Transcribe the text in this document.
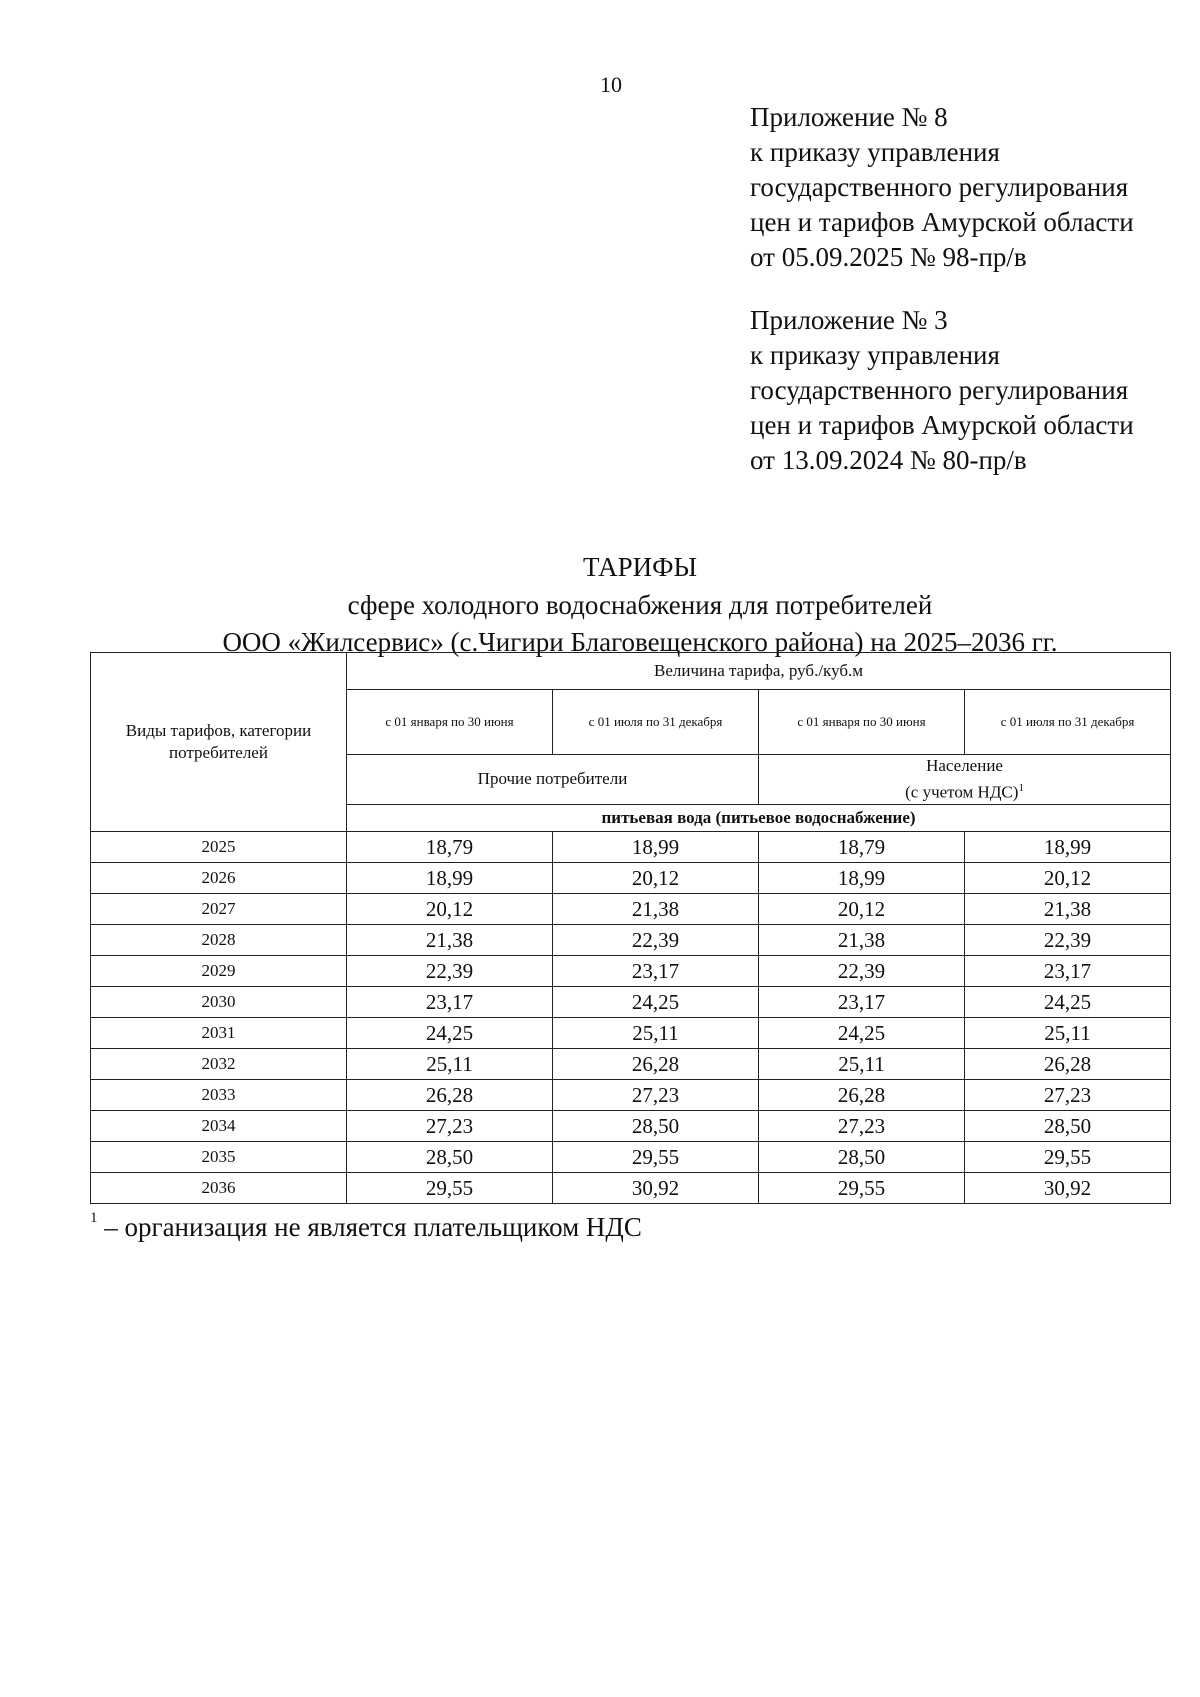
10
Приложение № 8
к приказу управления
государственного регулирования
цен и тарифов Амурской области
от 05.09.2025 № 98-пр/в
Приложение № 3
к приказу управления
государственного регулирования
цен и тарифов Амурской области
от 13.09.2024 № 80-пр/в
ТАРИФЫ
сфере холодного водоснабжения для потребителей
ООО «Жилсервис» (с.Чигири Благовещенского района) на 2025–2036 гг.
Виды тарифов, категории потребителей	Величина тарифа, руб./куб.м			
	с 01 января по 30 июня	с 01 июля по 31 декабря	с 01 января по 30 июня	с 01 июля по 31 декабря
	Прочие потребители		Население
(с учетом НДС)$^1$
	питьевая вода (питьевое водоснабжение)			
2025	18,79	18,99	18,79	18,99
2026	18,99	20,12	18,99	20,12
2027	20,12	21,38	20,12	21,38
2028	21,38	22,39	21,38	22,39
2029	22,39	23,17	22,39	23,17
2030	23,17	24,25	23,17	24,25
2031	24,25	25,11	24,25	25,11
2032	25,11	26,28	25,11	26,28
2033	26,28	27,23	26,28	27,23
2034	27,23	28,50	27,23	28,50
2035	28,50	29,55	28,50	29,55
2036	29,55	30,92	29,55	30,92
$^1$ – организация не является плательщиком НДС
